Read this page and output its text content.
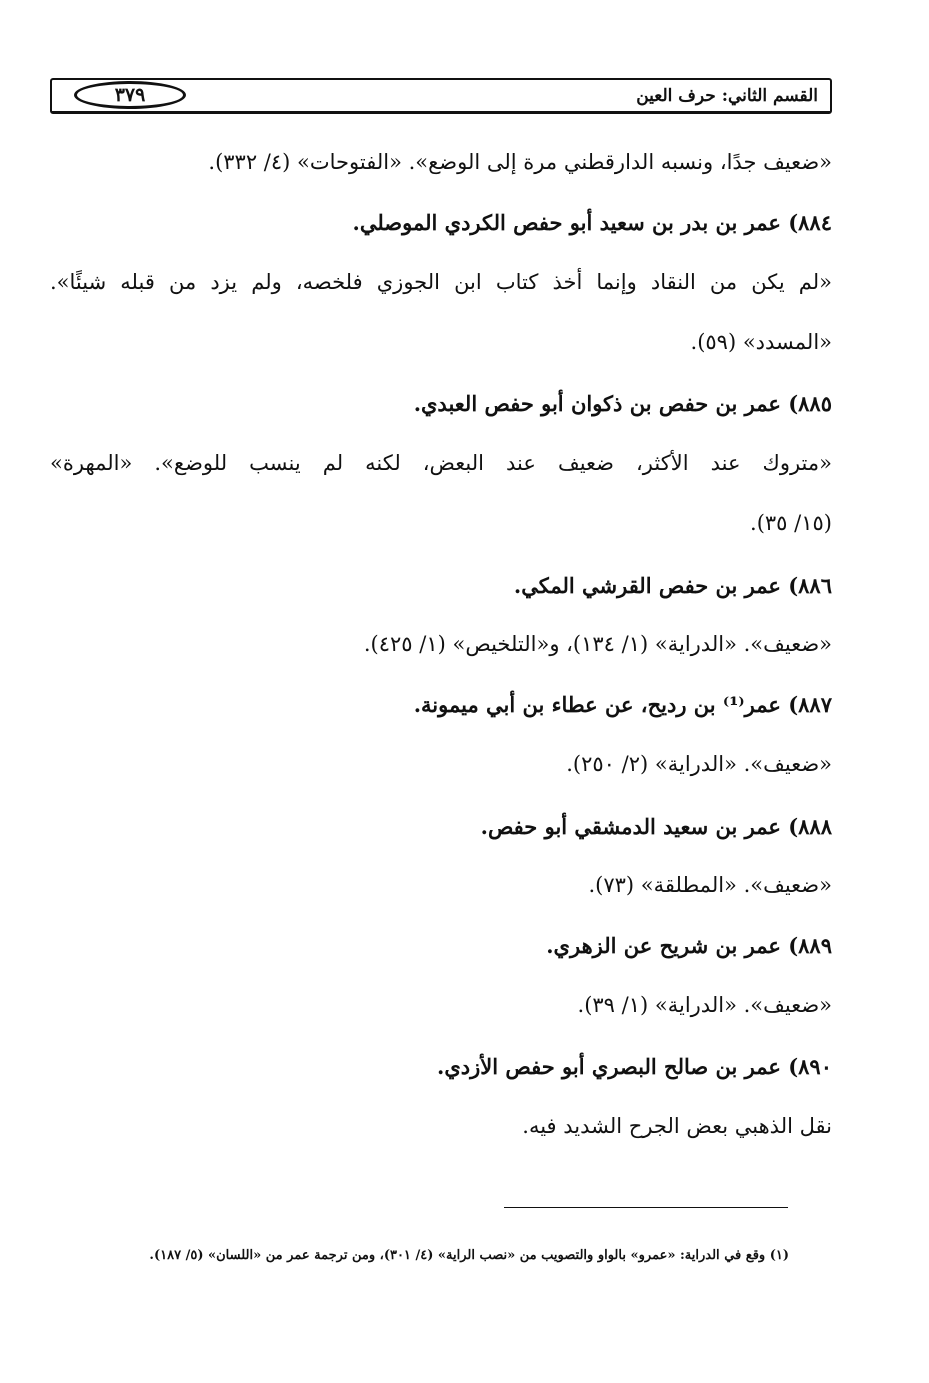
القسم الثاني: حرف العين
٣٧٩
«ضعيف جدًا، ونسبه الدارقطني مرة إلى الوضع». «الفتوحات» (٤/ ٣٣٢).
٨٨٤) عمر بن بدر بن سعيد أبو حفص الكردي الموصلي.
«لم يكن من النقاد وإنما أخذ كتاب ابن الجوزي فلخصه، ولم يزد من قبله شيئًا».
«المسدد» (٥٩).
٨٨٥) عمر بن حفص بن ذكوان أبو حفص العبدي.
«متروك عند الأكثر، ضعيف عند البعض، لكنه لم ينسب للوضع». «المهرة»
(١٥/ ٣٥).
٨٨٦) عمر بن حفص القرشي المكي.
«ضعيف». «الدراية» (١/ ١٣٤)، و«التلخيص» (١/ ٤٢٥).
٨٨٧) عمر⁽¹⁾ بن رديح، عن عطاء بن أبي ميمونة.
«ضعيف». «الدراية» (٢/ ٢٥٠).
٨٨٨) عمر بن سعيد الدمشقي أبو حفص.
«ضعيف». «المطلقة» (٧٣).
٨٨٩) عمر بن شريح عن الزهري.
«ضعيف». «الدراية» (١/ ٣٩).
٨٩٠) عمر بن صالح البصري أبو حفص الأزدي.
نقل الذهبي بعض الجرح الشديد فيه.
(١) وقع في الدراية: «عمرو» بالواو والتصويب من «نصب الراية» (٤/ ٣٠١)، ومن ترجمة عمر من «اللسان» (٥/ ١٨٧).
